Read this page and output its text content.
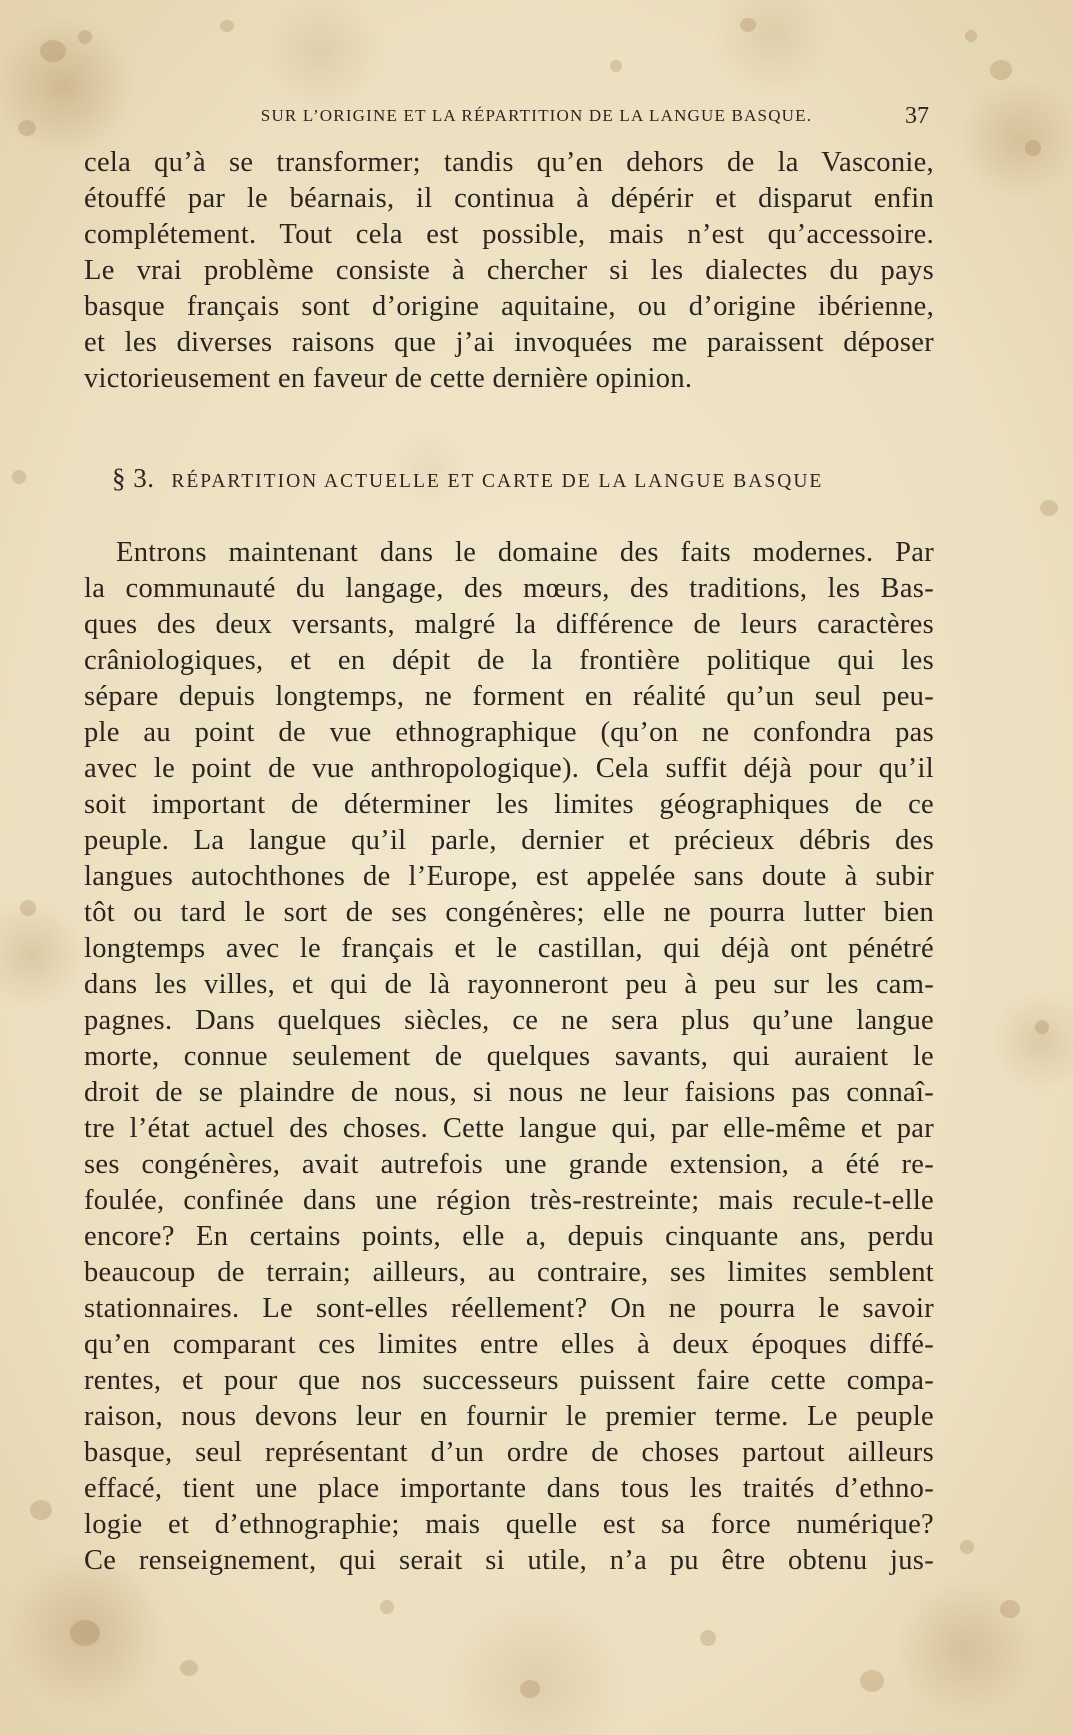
SUR L’ORIGINE ET LA RÉPARTITION DE LA LANGUE BASQUE.	37
cela qu’à se transformer; tandis qu’en dehors de la Vasconie,
étouffé par le béarnais, il continua à dépérir et disparut enfin
complétement. Tout cela est possible, mais n’est qu’accessoire.
Le vrai problème consiste à chercher si les dialectes du pays
basque français sont d’origine aquitaine, ou d’origine ibérienne,
et les diverses raisons que j’ai invoquées me paraissent déposer
victorieusement en faveur de cette dernière opinion.
§ 3. RÉPARTITION ACTUELLE ET CARTE DE LA LANGUE BASQUE
Entrons maintenant dans le domaine des faits modernes. Par
la communauté du langage, des mœurs, des traditions, les Bas-
ques des deux versants, malgré la différence de leurs caractères
crâniologiques, et en dépit de la frontière politique qui les
sépare depuis longtemps, ne forment en réalité qu’un seul peu-
ple au point de vue ethnographique (qu’on ne confondra pas
avec le point de vue anthropologique). Cela suffit déjà pour qu’il
soit important de déterminer les limites géographiques de ce
peuple. La langue qu’il parle, dernier et précieux débris des
langues autochthones de l’Europe, est appelée sans doute à subir
tôt ou tard le sort de ses congénères; elle ne pourra lutter bien
longtemps avec le français et le castillan, qui déjà ont pénétré
dans les villes, et qui de là rayonneront peu à peu sur les cam-
pagnes. Dans quelques siècles, ce ne sera plus qu’une langue
morte, connue seulement de quelques savants, qui auraient le
droit de se plaindre de nous, si nous ne leur faisions pas connaî-
tre l’état actuel des choses. Cette langue qui, par elle-même et par
ses congénères, avait autrefois une grande extension, a été re-
foulée, confinée dans une région très-restreinte; mais recule-t-elle
encore? En certains points, elle a, depuis cinquante ans, perdu
beaucoup de terrain; ailleurs, au contraire, ses limites semblent
stationnaires. Le sont-elles réellement? On ne pourra le savoir
qu’en comparant ces limites entre elles à deux époques diffé-
rentes, et pour que nos successeurs puissent faire cette compa-
raison, nous devons leur en fournir le premier terme. Le peuple
basque, seul représentant d’un ordre de choses partout ailleurs
effacé, tient une place importante dans tous les traités d’ethno-
logie et d’ethnographie; mais quelle est sa force numérique?
Ce renseignement, qui serait si utile, n’a pu être obtenu jus-
